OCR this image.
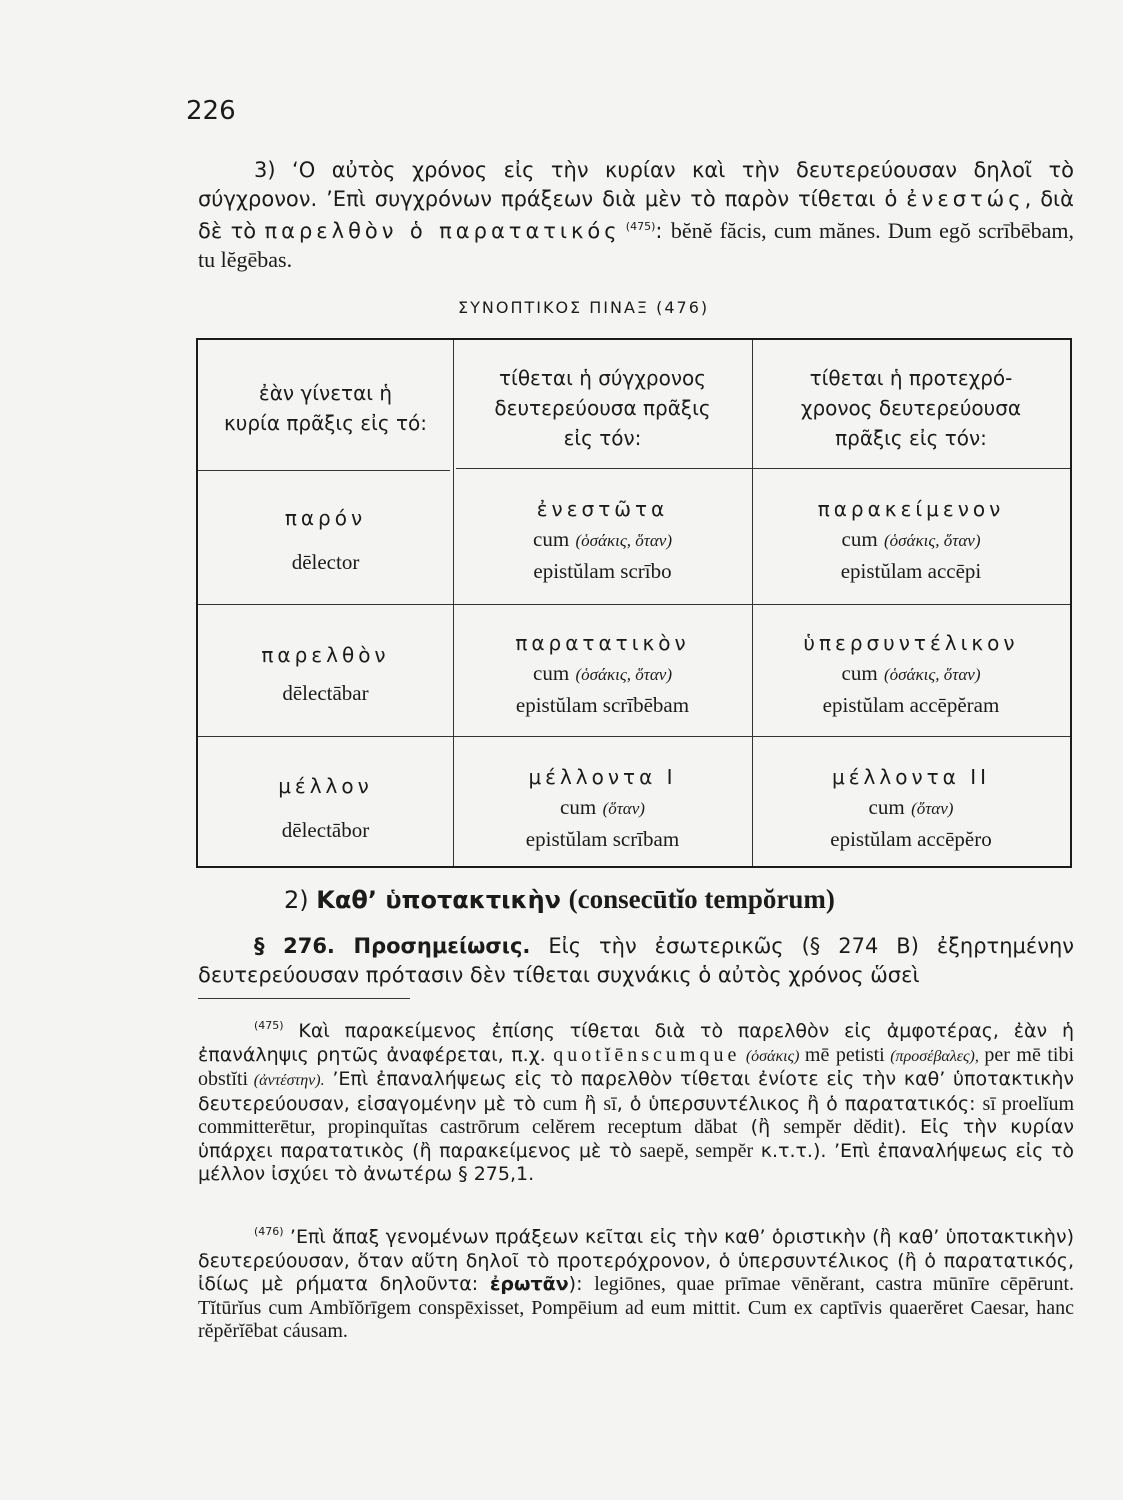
226
3) ‘Ο αὐτὸς χρόνος εἰς τὴν κυρίαν καὶ τὴν δευτερεύουσαν δηλοῖ τὸ σύγχρονον. ’Επὶ συγχρόνων πράξεων διὰ μὲν τὸ παρὸν τίθεται ὁ ἐνεστώς, διὰ δὲ τὸ παρελθὸν ὁ παρατατικός $^{(475)}$: bĕnĕ făcis, cum mănes. Dum egŏ scrībēbam, tu lĕgēbas.
ΣΥΝΟΠΤΙΚΟΣ ΠΙΝΑΞ (476)
ἐὰν γίνεται ἡ
κυρία πρᾶξις εἰς τό:
τίθεται ἡ σύγχρονος
δευτερεύουσα πρᾶξις
εἰς τόν:
τίθεται ἡ προτεχρό-
χρονος δευτερεύουσα
πρᾶξις εἰς τόν:
παρόν
dēlector
ἐνεστῶτα
cum (ὁσάκις, ὅταν)
epistŭlam scrībo
παρακείμενον
cum (ὁσάκις, ὅταν)
epistŭlam accēpi
παρελθὸν
dēlectābar
παρατατικὸν
cum (ὁσάκις, ὅταν)
epistŭlam scrībēbam
ὑπερσυντέλικον
cum (ὁσάκις, ὅταν)
epistŭlam accēpĕram
μέλλον
dēlectābor
μέλλοντα I
cum (ὅταν)
epistŭlam scrībam
μέλλοντα II
cum (ὅταν)
epistŭlam accēpĕro
2) Καθ’ ὑποτακτικὴν (consecūtĭo tempŏrum)
§ 276. Προσημείωσις. Εἰς τὴν ἐσωτερικῶς (§ 274 Β) ἐξηρτημένην δευτερεύουσαν πρότασιν δὲν τίθεται συχνάκις ὁ αὐτὸς χρόνος ὥσεὶ
$^{(475)}$ Καὶ παρακείμενος ἐπίσης τίθεται διὰ τὸ παρελθὸν εἰς ἀμφοτέρας, ἐὰν ἡ ἐπανάληψις ρητῶς ἀναφέρεται, π.χ. quotĭēnscumque (ὁσάκις) mē petisti (προσέβαλες), per mē tibi obstĭti (ἀντέστην). ’Επὶ ἐπαναλήψεως εἰς τὸ παρελθὸν τίθεται ἐνίοτε εἰς τὴν καθ’ ὑποτακτικὴν δευτερεύουσαν, εἰσαγομένην μὲ τὸ cum ἢ sī, ὁ ὑπερσυντέλικος ἢ ὁ παρατατικός: sī proelĭum committerētur, propinquĭtas castrōrum celĕrem receptum dăbat (ἢ sempĕr dĕdit). Εἰς τὴν κυρίαν ὑπάρχει παρατατικὸς (ἢ παρακείμενος μὲ τὸ saepĕ, sempĕr κ.τ.τ.). ’Επὶ ἐπαναλήψεως εἰς τὸ μέλλον ἰσχύει τὸ ἀνωτέρω § 275,1.
$^{(476)}$ ’Επὶ ἅπαξ γενομένων πράξεων κεῖται εἰς τὴν καθ’ ὁριστικὴν (ἢ καθ’ ὑποτακτικὴν) δευτερεύουσαν, ὅταν αὕτη δηλοῖ τὸ προτερόχρονον, ὁ ὑπερσυντέλικος (ἢ ὁ παρατατικός, ἰδίως μὲ ρήματα δηλοῦντα: ἐρωτᾶν): legiōnes, quae prīmae vēnĕrant, castra mūnīre cēpērunt. Tĭtūrĭus cum Ambĭŏrīgem conspēxisset, Pompēium ad eum mittit. Cum ex captīvis quaerĕret Caesar, hanc rĕpĕrĭēbat cáusam.
